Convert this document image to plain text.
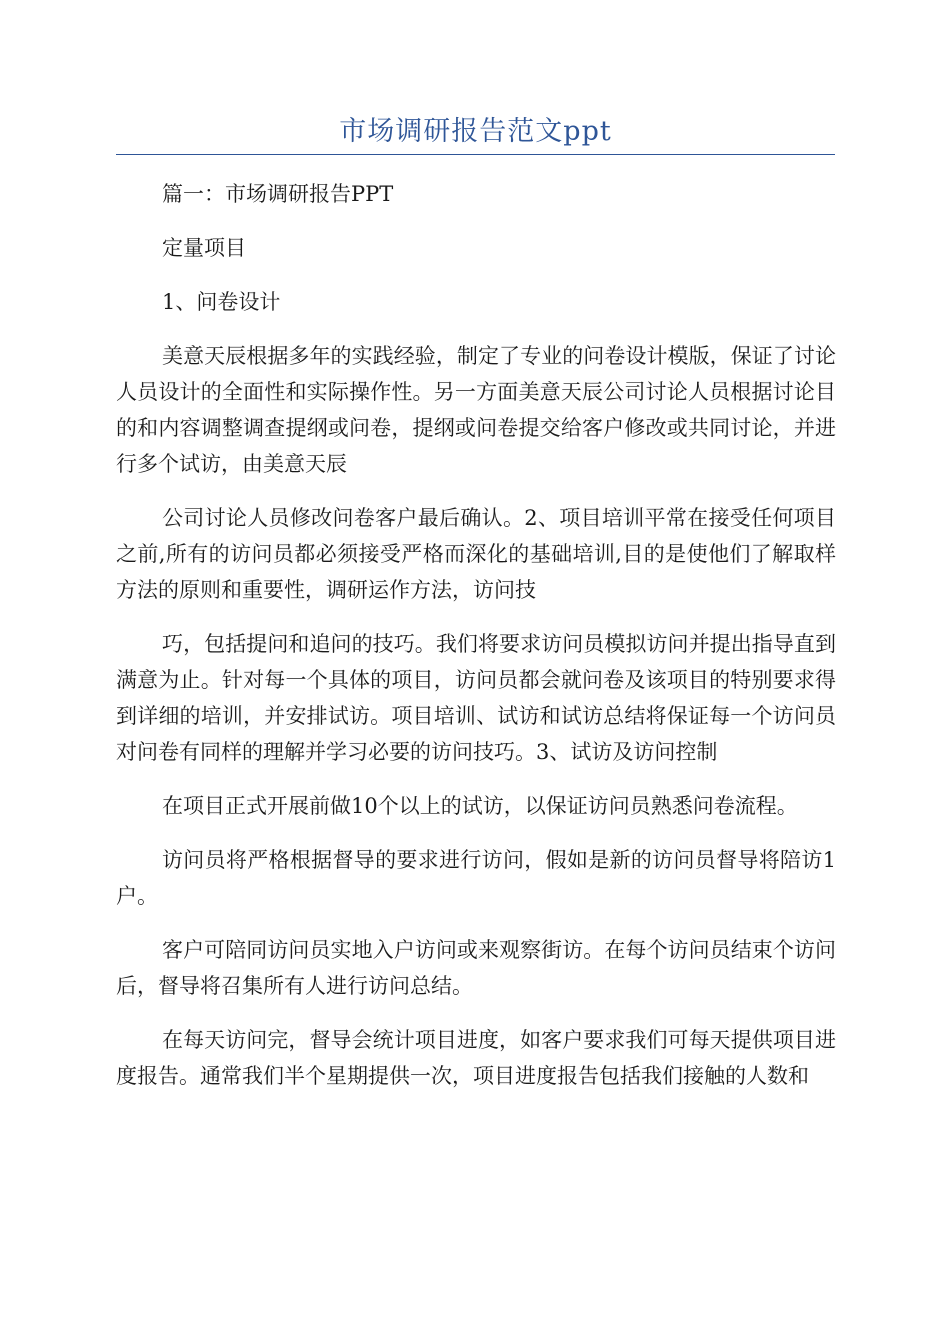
市场调研报告范文ppt

篇一：市场调研报告PPT

定量项目

1、问卷设计

美意天辰根据多年的实践经验，制定了专业的问卷设计模版，保证了讨论人员设计的全面性和实际操作性。另一方面美意天辰公司讨论人员根据讨论目的和内容调整调查提纲或问卷，提纲或问卷提交给客户修改或共同讨论，并进行多个试访，由美意天辰

公司讨论人员修改问卷客户最后确认。2、项目培训平常在接受任何项目之前,所有的访问员都必须接受严格而深化的基础培训,目的是使他们了解取样方法的原则和重要性，调研运作方法，访问技

巧，包括提问和追问的技巧。我们将要求访问员模拟访问并提出指导直到满意为止。针对每一个具体的项目，访问员都会就问卷及该项目的特别要求得到详细的培训，并安排试访。项目培训、试访和试访总结将保证每一个访问员对问卷有同样的理解并学习必要的访问技巧。3、试访及访问控制

在项目正式开展前做10个以上的试访，以保证访问员熟悉问卷流程。

访问员将严格根据督导的要求进行访问，假如是新的访问员督导将陪访1户。

客户可陪同访问员实地入户访问或来观察街访。在每个访问员结束个访问后，督导将召集所有人进行访问总结。

在每天访问完，督导会统计项目进度，如客户要求我们可每天提供项目进度报告。通常我们半个星期提供一次，项目进度报告包括我们接触的人数和
